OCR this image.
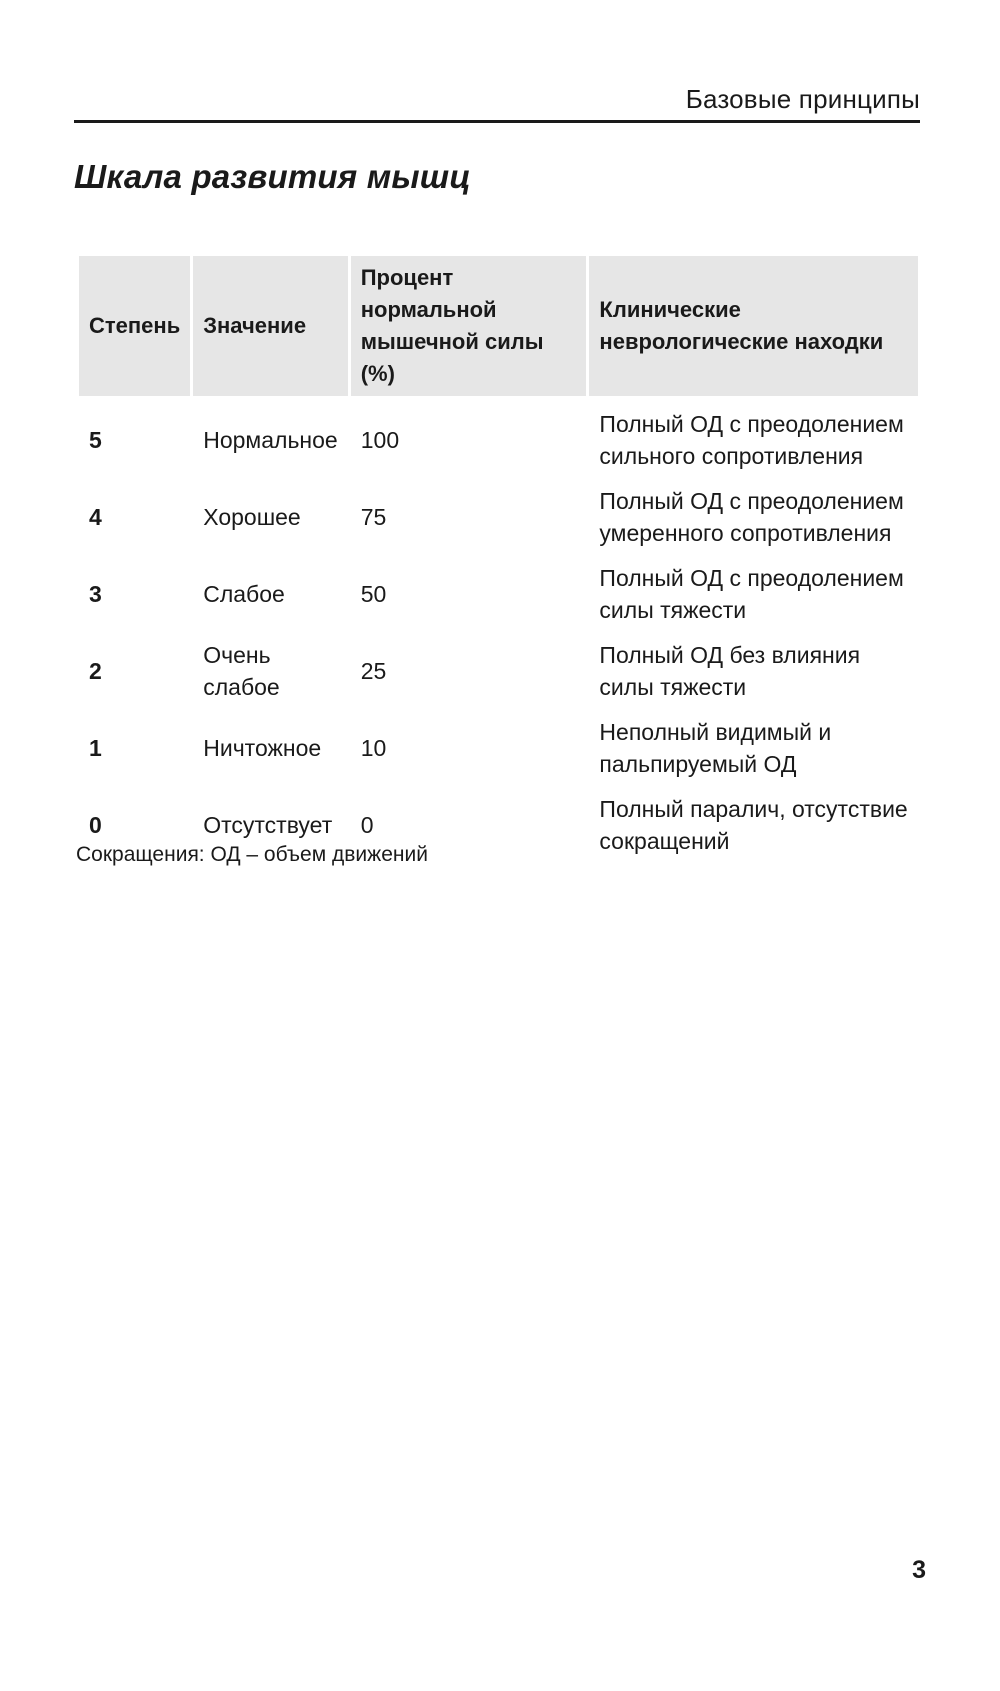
Базовые принципы
Шкала развития мышц
Степень	Значение	Процент нормальной мышечной силы (%)	Клинические неврологические находки
5	Нормальное	100	Полный ОД с преодолением сильного сопротивления
4	Хорошее	75	Полный ОД с преодолением умеренного сопротивления
3	Слабое	50	Полный ОД с преодолением силы тяжести
2	Очень слабое	25	Полный ОД без влияния силы тяжести
1	Ничтожное	10	Неполный видимый и пальпируемый ОД
0	Отсутствует	0	Полный паралич, отсутствие сокращений
Сокращения: ОД – объем движений
3
